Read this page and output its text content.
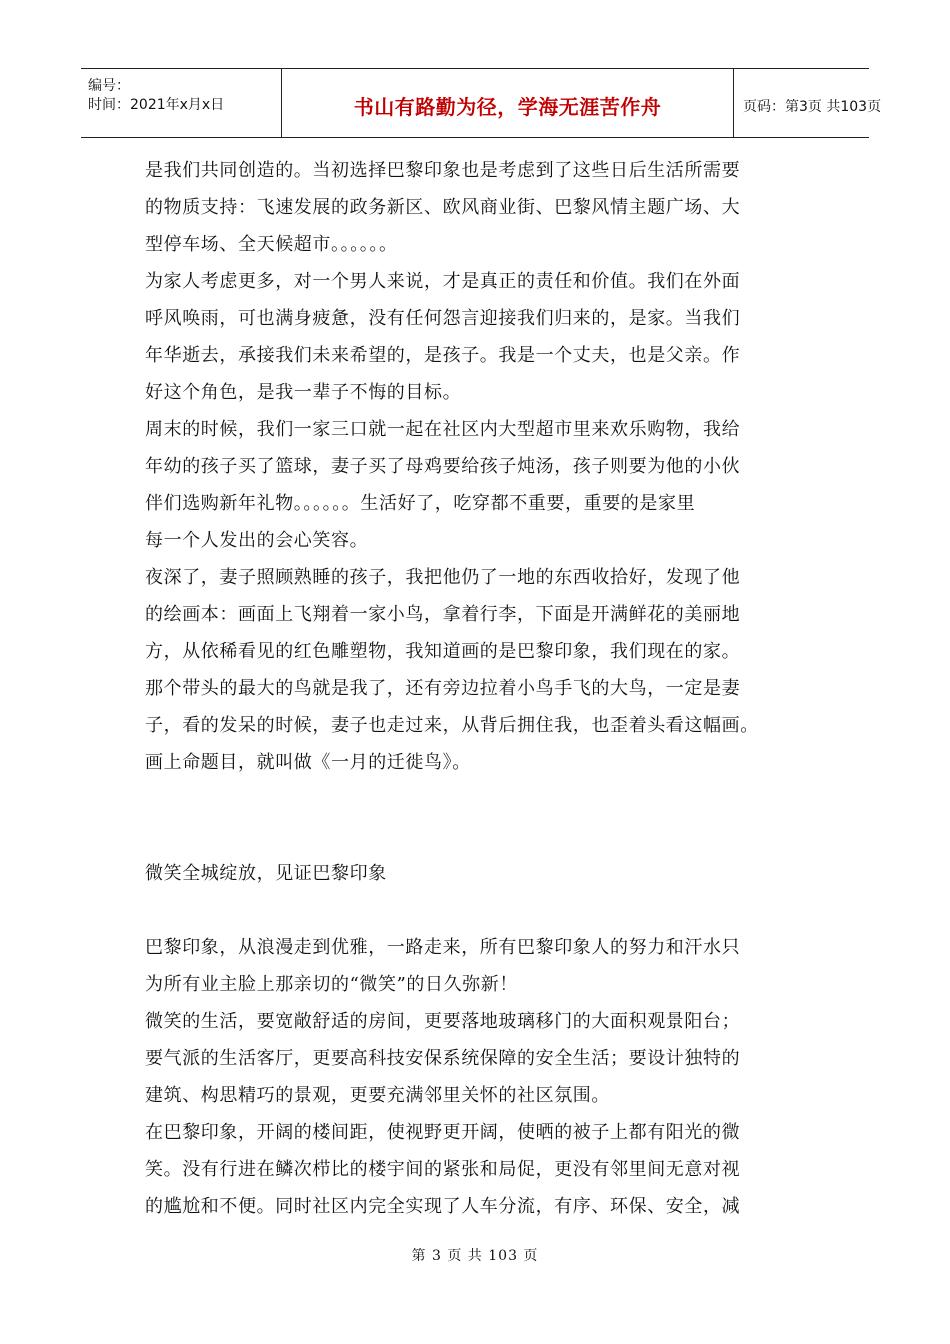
编号：
时间：2021年x月x日	书山有路勤为径，学海无涯苦作舟	页码：第3页 共103页
是我们共同创造的。当初选择巴黎印象也是考虑到了这些日后生活所需要
的物质支持：飞速发展的政务新区、欧风商业街、巴黎风情主题广场、大
型停车场、全天候超市。。。。。。
为家人考虑更多，对一个男人来说，才是真正的责任和价值。我们在外面
呼风唤雨，可也满身疲惫，没有任何怨言迎接我们归来的，是家。当我们
年华逝去，承接我们未来希望的，是孩子。我是一个丈夫，也是父亲。作
好这个角色，是我一辈子不悔的目标。
周末的时候，我们一家三口就一起在社区内大型超市里来欢乐购物，我给
年幼的孩子买了篮球，妻子买了母鸡要给孩子炖汤，孩子则要为他的小伙
伴们选购新年礼物。。。。。。生活好了，吃穿都不重要，重要的是家里
每一个人发出的会心笑容。
夜深了，妻子照顾熟睡的孩子，我把他仍了一地的东西收拾好，发现了他
的绘画本：画面上飞翔着一家小鸟，拿着行李，下面是开满鲜花的美丽地
方，从依稀看见的红色雕塑物，我知道画的是巴黎印象，我们现在的家。
那个带头的最大的鸟就是我了，还有旁边拉着小鸟手飞的大鸟，一定是妻
子，看的发呆的时候，妻子也走过来，从背后拥住我，也歪着头看这幅画。
画上命题目，就叫做《一月的迁徙鸟》。
微笑全城绽放，见证巴黎印象
巴黎印象，从浪漫走到优雅，一路走来，所有巴黎印象人的努力和汗水只
为所有业主脸上那亲切的“微笑”的日久弥新！
微笑的生活，要宽敞舒适的房间，更要落地玻璃移门的大面积观景阳台；
要气派的生活客厅，更要高科技安保系统保障的安全生活；要设计独特的
建筑、构思精巧的景观，更要充满邻里关怀的社区氛围。
在巴黎印象，开阔的楼间距，使视野更开阔，使晒的被子上都有阳光的微
笑。没有行进在鳞次栉比的楼宇间的紧张和局促，更没有邻里间无意对视
的尴尬和不便。同时社区内完全实现了人车分流，有序、环保、安全，减
第 3 页 共 103 页
